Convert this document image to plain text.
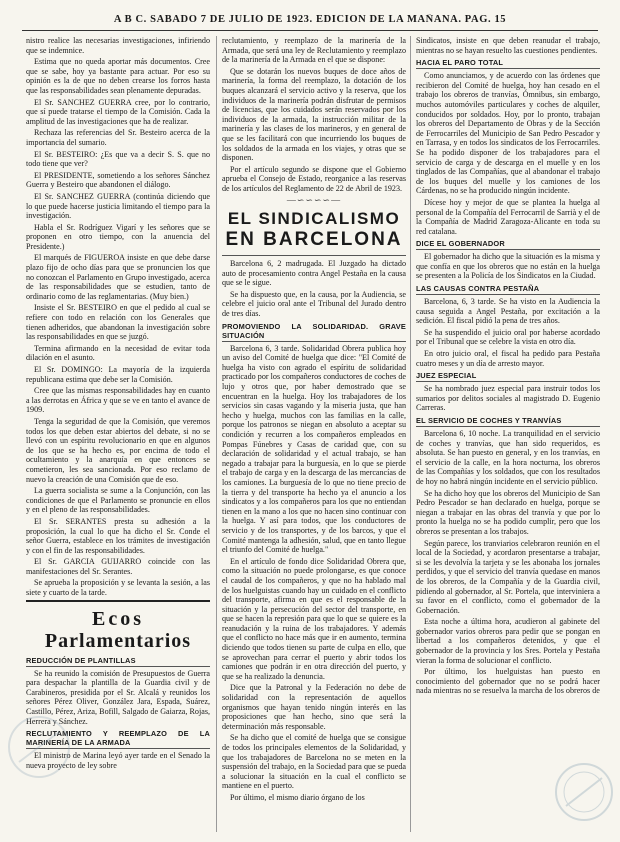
A B C. SABADO 7 DE JULIO DE 1923. EDICION DE LA MAÑANA. PAG. 15

nistro realice las necesarias investigaciones, infiriendo que se indemnice.

Estima que no queda aportar más documentos. Cree que se sabe, hoy ya bastante para actuar. Por eso su opinión es la de que no deben crearse los forros hasta que las responsabilidades sean plenamente depuradas.

El Sr. SANCHEZ GUERRA cree, por lo contrario, que sí puede tratarse el tiempo de la Comisión. Cada la amplitud de las investigaciones que ha de realizar.

Rechaza las referencias del Sr. Besteiro acerca de la importancia del sumario.

El Sr. BESTEIRO: ¿Es que va a decir S. S. que no todo tiene que ver?

El PRESIDENTE, sometiendo a los señores Sánchez Guerra y Besteiro que abandonen el diálogo.

El Sr. SANCHEZ GUERRA (continúa diciendo que lo que puede hacerse justicia limitando el tiempo para la investigación.

Habla el Sr. Rodríguez Vigarí y les señores que se proponen en otro tiempo, con la anuencia del Presidente.)

El marqués de FIGUEROA insiste en que debe darse plazo fijo de ocho días para que se pronuncien los que no conozcan el Parlamento en Grupo investigado, acerca de las responsabilidades que se estudien, tanto de ordinario como de las reglamentarias. (Muy bien.)

Insiste el Sr. BESTEIRO en que el pedido al cual se refiere con todo en relación con los Generales que tienen adheridos, que abandonan la investigación sobre las responsabilidades en que se juzgó.

Termina afirmando en la necesidad de evitar toda dilación en el asunto.

El Sr. DOMINGO: La mayoría de la izquierda republicana estima que debe ser la Comisión.

Cree que las mismas responsabilidades hay en cuanto a las derrotas en África y que se ve en tanto el avance de 1909.

Tenga la seguridad de que la Comisión, que veremos todos los que deben estar abiertos del debate, si no se llevó con un espíritu revolucionario en que en algunos de los que se ha hecho es, por encima de todo el ocultamiento y la anarquía en que entonces se cometieron, les sea sancionada. Por eso reclamo de nuevo la creación de una Comisión que de eso.

La guerra socialista se sume a la Conjunción, con las condiciones de que el Parlamento se pronuncie en ellos y en el pleno de las responsabilidades.

El Sr. SERANTES presta su adhesión a la proposición, la cual lo que ha dicho el Sr. Conde el señor Guerra, establece en los trámites de investigación y con el fin de las responsabilidades.

El Sr. GARCIA GUIJARRO coincide con las manifestaciones del Sr. Serantes.

Se aprueba la proposición y se levanta la sesión, a las siete y cuarto de la tarde.

Ecos
Parlamentarios
REDUCCIÓN DE PLANTILLAS

Se ha reunido la comisión de Presupuestos de Guerra para despachar la plantilla de la Guardia civil y de Carabineros, presidida por el Sr. Alcalá y reunidos los señores Pérez Oliver, González Jara, Espada, Suárez, Castillo, Pérez, Ariza, Bofill, Salgado de Gaiarza, Rojas, Herrera y Sánchez.

RECLUTAMIENTO Y REEMPLAZO DE LA MARINERÍA DE LA ARMADA

El ministro de Marina leyó ayer tarde en el Senado la nueva proyecto de ley sobre

reclutamiento, y reemplazo de la marinería de la Armada, que será una ley de Reclutamiento y reemplazo de la marinería de la Armada en el que se dispone:

Que se dotarán los nuevos buques de doce años de marinería, la forma del reemplazo, la dotación de los buques alcanzará el servicio activo y la reserva, que los individuos de la marinería podrán disfrutar de permisos de licencias, que los cuidados serán reservados por los individuos de la armada, la instrucción militar de la marinería y las clases de los marineros, y en general de que se les facilitará con que incurriendo los buques de los soldados de la armada en los viajes, y otras que se disponen.

Por el artículo segundo se dispone que el Gobierno aprueba el Consejo de Estado, reorganice a las reservas de los artículos del Reglamento de 22 de Abril de 1923.

—∽∽∽∽—
EL SINDICALISMO
EN BARCELONA

Barcelona 6, 2 madrugada. El Juzgado ha dictado auto de procesamiento contra Angel Pestaña en la causa que se le sigue.

Se ha dispuesto que, en la causa, por la Audiencia, se celebre el juicio oral ante el Tribunal del Jurado dentro de tres días.

PROMOVIENDO LA SOLIDARIDAD. GRAVE SITUACIÓN

Barcelona 6, 3 tarde. Solidaridad Obrera publica hoy un aviso del Comité de huelga que dice: "El Comité de huelga ha visto con agrado el espíritu de solidaridad practicado por los compañeros conductores de coches de lujo y otros que, por haber demostrado que se encuentran en la huelga. Hoy los trabajadores de los servicios sin casas vagando y la miseria justa, que han hecho y huelga, muchos con las familias en la calle, porque los patronos se niegan en absoluto a aceptar su condición y recurren a los compañeros empleados en Pompas Fúnebres y Casas de caridad que, con su declaración de solidaridad y el actual trabajo, se han negado a trabajar para la burguesía, en lo que se pierde el trabajo de carga y en la descarga de las mercancías de los camiones. La burguesía de lo que no tiene precio de la tierra y del transporte ha hecho ya el anuncio a los sindicatos y a los compañeros para los que no entiendan tienen en la mano a los que no hacen sino continuar con la huelga. Y así para todos, que los conductores de servicio y de los transportes, y de los barcos, y que el Comité mantenga la adhesión, salud, que en tanto llegue el triunfo del Comité de huelga."

En el artículo de fondo dice Solidaridad Obrera que, como la situación no puede prolongarse, es que conoce el caudal de los compañeros, y que no ha hablado mal de los huelguistas cuando hay un cuidado en el conflicto del transporte, afirma en que es el responsable de la situación y la persecución del sector del transporte, en que se hacen la represión para que lo que se quiere es la reanudación y la ruina de los trabajadores. Y además que el conflicto no hace más que ir en aumento, termina diciendo que todos tienen su parte de culpa en ello, que se aprovechan para cerrar el puerto y abrir todos los camiones que podrán ir en otra dirección del puerto, y que se ha realizado la denuncia.

Dice que la Patronal y la Federación no debe de solidaridad con la representación de aquellos organismos que hayan tenido ningún interés en las proposiciones que han hecho, sino que será la determinación más responsable.

Se ha dicho que el comité de huelga que se consigue de todos los principales elementos de la Solidaridad, y que los trabajadores de Barcelona no se meten en la suspensión del trabajo, en la Sociedad para que se pueda a solucionar la situación en la cual el conflicto se mantiene en el puerto.

Por último, el mismo diario órgano de los

Sindicatos, insiste en que deben reanudar el trabajo, mientras no se hayan resuelto las cuestiones pendientes.

HACIA EL PARO TOTAL

Como anunciamos, y de acuerdo con las órdenes que recibieron del Comité de huelga, hoy han cesado en el trabajo los obreros de tranvías, Ómnibus, sin embargo, muchos automóviles particulares y coches de alquiler, conducidos por soldados. Hoy, por lo pronto, trabajan los obreros del Departamento de Obras y de la Sección de Ferrocarriles del Municipio de San Pedro Pescador y en Tarrasa, y en todos los sindicatos de los Ferrocarriles. Se ha podido disponer de los trabajadores para el servicio de carga y de descarga en el muelle y en los tinglados de las Compañías, que al abandonar el trabajo de los buques del muelle y los camiones de los Cárdenas, no se ha producido ningún incidente.

Dícese hoy y mejor de que se plantea la huelga al personal de la Compañía del Ferrocarril de Sarrià y el de la Compañía de Madrid Zaragoza-Alicante en toda su red catalana.

DICE EL GOBERNADOR

El gobernador ha dicho que la situación es la misma y que confía en que los obreros que no están en la huelga se presenten a la Policía de los Sindicatos en la Ciudad.

LAS CAUSAS CONTRA PESTAÑA

Barcelona, 6, 3 tarde. Se ha visto en la Audiencia la causa seguida a Angel Pestaña, por excitación a la sedición. El fiscal pidió la pena de tres años.

Se ha suspendido el juicio oral por haberse acordado por el Tribunal que se celebre la vista en otro día.

En otro juicio oral, el fiscal ha pedido para Pestaña cuatro meses y un día de arresto mayor.

JUEZ ESPECIAL

Se ha nombrado juez especial para instruir todos los sumarios por delitos sociales al magistrado D. Eugenio Carreras.

EL SERVICIO DE COCHES Y TRANVÍAS

Barcelona 6, 10 noche. La tranquilidad en el servicio de coches y tranvías, que han sido requeridos, es absoluta. Se han puesto en general, y en los tranvías, en el servicio de la calle, en la hora nocturna, los obreros de las Compañías y los soldados, que con los resultados de hoy no habrá ningún incidente en el servicio público.

Se ha dicho hoy que los obreros del Municipio de San Pedro Pescador se han declarado en huelga, porque se niegan a trabajar en las obras del tranvía y que por lo pronto la huelga no se ha podido cumplir, pero que los obreros se presentan a los trabajos.

Según parece, los tranviarios celebraron reunión en el local de la Sociedad, y acordaron presentarse a trabajar, si se les devolvía la tarjeta y se les abonaba los jornales perdidos, y que el servicio del tranvía quedase en manos de los obreros, de la Compañía y de la Guardia civil, pidiendo al gobernador, al Sr. Portela, que interviniera a su favor en el conflicto, como el gobernador de la Gobernación.

Esta noche a última hora, acudieron al gabinete del gobernador varios obreros para pedir que se pongan en libertad a los compañeros detenidos, y que el gobernador de la provincia y los Sres. Portela y Pestaña vieran la forma de solucionar el conflicto.

Por último, los huelguistas han puesto en conocimiento del gobernador que no se podrá hacer nada mientras no se resuelva la marcha de los obreros de
